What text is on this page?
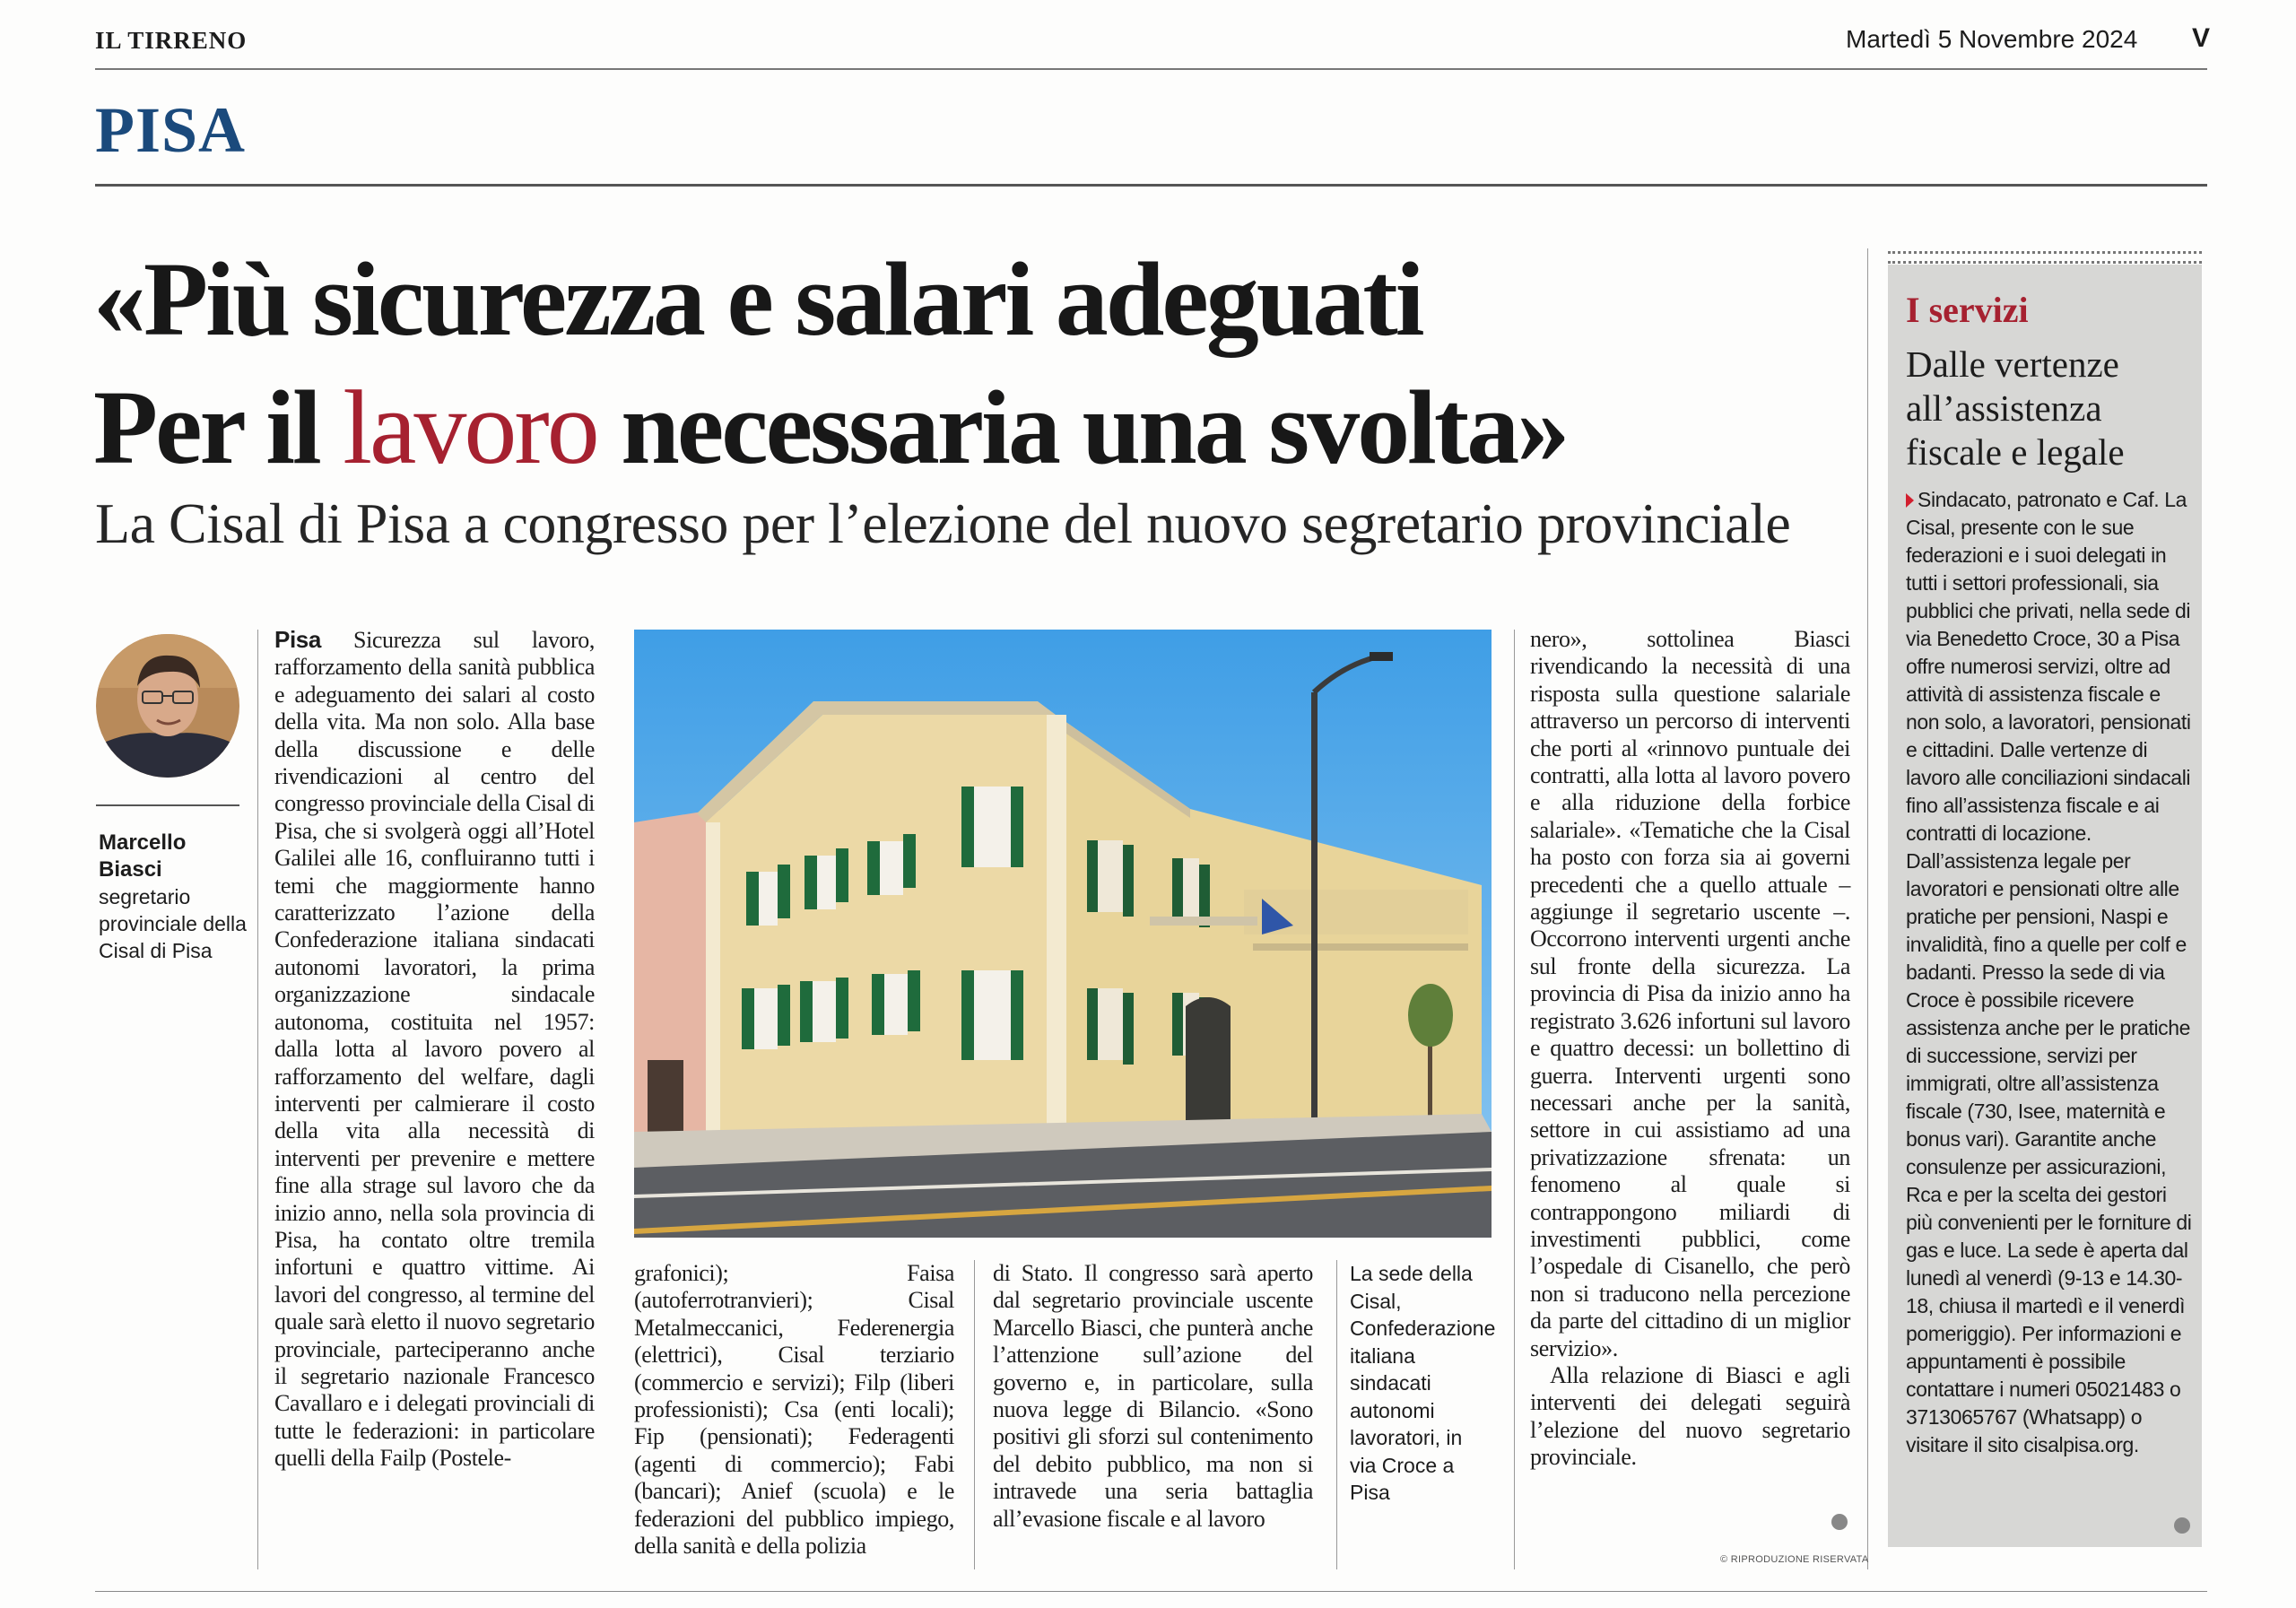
IL TIRRENO	Martedì 5 Novembre 2024 V
PISA
«Più sicurezza e salari adeguati
Per il lavoro necessaria una svolta»
La Cisal di Pisa a congresso per l’elezione del nuovo segretario provinciale
Marcello
Biasci
segretario provinciale della Cisal di Pisa
Pisa Sicurezza sul lavoro, rafforzamento della sanità pubblica e adeguamento dei salari al costo della vita. Ma non solo. Alla base della discussione e delle rivendicazioni al centro del congresso provinciale della Cisal di Pisa, che si svolgerà oggi all’Hotel Galilei alle 16, confluiranno tutti i temi che maggiormente hanno caratterizzato l’azione della Confederazione italiana sindacati autonomi lavoratori, la prima organizzazione sindacale autonoma, costituita nel 1957: dalla lotta al lavoro povero al rafforzamento del welfare, dagli interventi per calmierare il costo della vita alla necessità di interventi per prevenire e mettere fine alla strage sul lavoro che da inizio anno, nella sola provincia di Pisa, ha contato oltre tremila infortuni e quattro vittime. Ai lavori del congresso, al termine del quale sarà eletto il nuovo segretario provinciale, parteciperanno anche il segretario nazionale Francesco Cavallaro e i delegati provinciali di tutte le federazioni: in particolare quelli della Failp (Postele-
grafonici); Faisa (autoferrotranvieri); Cisal Metalmeccanici, Federenergia (elettrici), Cisal terziario (commercio e servizi); Filp (liberi professionisti); Csa (enti locali); Fip (pensionati); Federagenti (agenti di commercio); Fabi (bancari); Anief (scuola) e le federazioni del pubblico impiego, della sanità e della polizia
di Stato. Il congresso sarà aperto dal segretario provinciale uscente Marcello Biasci, che punterà anche l’attenzione sull’azione del governo e, in particolare, sulla nuova legge di Bilancio. «Sono positivi gli sforzi sul contenimento del debito pubblico, ma non si intravede una seria battaglia all’evasione fiscale e al lavoro
La sede della Cisal, Confederazione italiana sindacati autonomi lavoratori, in via Croce a Pisa
nero», sottolinea Biasci rivendicando la necessità di una risposta sulla questione salariale attraverso un percorso di interventi che porti al «rinnovo puntuale dei contratti, alla lotta al lavoro povero e alla riduzione della forbice salariale». «Tematiche che la Cisal ha posto con forza sia ai governi precedenti che a quello attuale – aggiunge il segretario uscente –. Occorrono interventi urgenti anche sul fronte della sicurezza. La provincia di Pisa da inizio anno ha registrato 3.626 infortuni sul lavoro e quattro decessi: un bollettino di guerra. Interventi urgenti sono necessari anche per la sanità, settore in cui assistiamo ad una privatizzazione sfrenata: un fenomeno al quale si contrappongono miliardi di investimenti pubblici, come l’ospedale di Cisanello, che però non si traducono nella percezione da parte del cittadino di un miglior servizio».
Alla relazione di Biasci e agli interventi dei delegati seguirà l’elezione del nuovo segretario provinciale.
© RIPRODUZIONE RISERVATA
I servizi
Dalle vertenze all’assistenza fiscale e legale
Sindacato, patronato e Caf. La Cisal, presente con le sue federazioni e i suoi delegati in tutti i settori professionali, sia pubblici che privati, nella sede di via Benedetto Croce, 30 a Pisa offre numerosi servizi, oltre ad attività di assistenza fiscale e non solo, a lavoratori, pensionati e cittadini. Dalle vertenze di lavoro alle conciliazioni sindacali fino all’assistenza fiscale e ai contratti di locazione. Dall’assistenza legale per lavoratori e pensionati oltre alle pratiche per pensioni, Naspi e invalidità, fino a quelle per colf e badanti. Presso la sede di via Croce è possibile ricevere assistenza anche per le pratiche di successione, servizi per immigrati, oltre all’assistenza fiscale (730, Isee, maternità e bonus vari). Garantite anche consulenze per assicurazioni, Rca e per la scelta dei gestori più convenienti per le forniture di gas e luce. La sede è aperta dal lunedì al venerdì (9-13 e 14.30-18, chiusa il martedì e il venerdì pomeriggio). Per informazioni e appuntamenti è possibile contattare i numeri 05021483 o 3713065767 (Whatsapp) o visitare il sito cisalpisa.org.
